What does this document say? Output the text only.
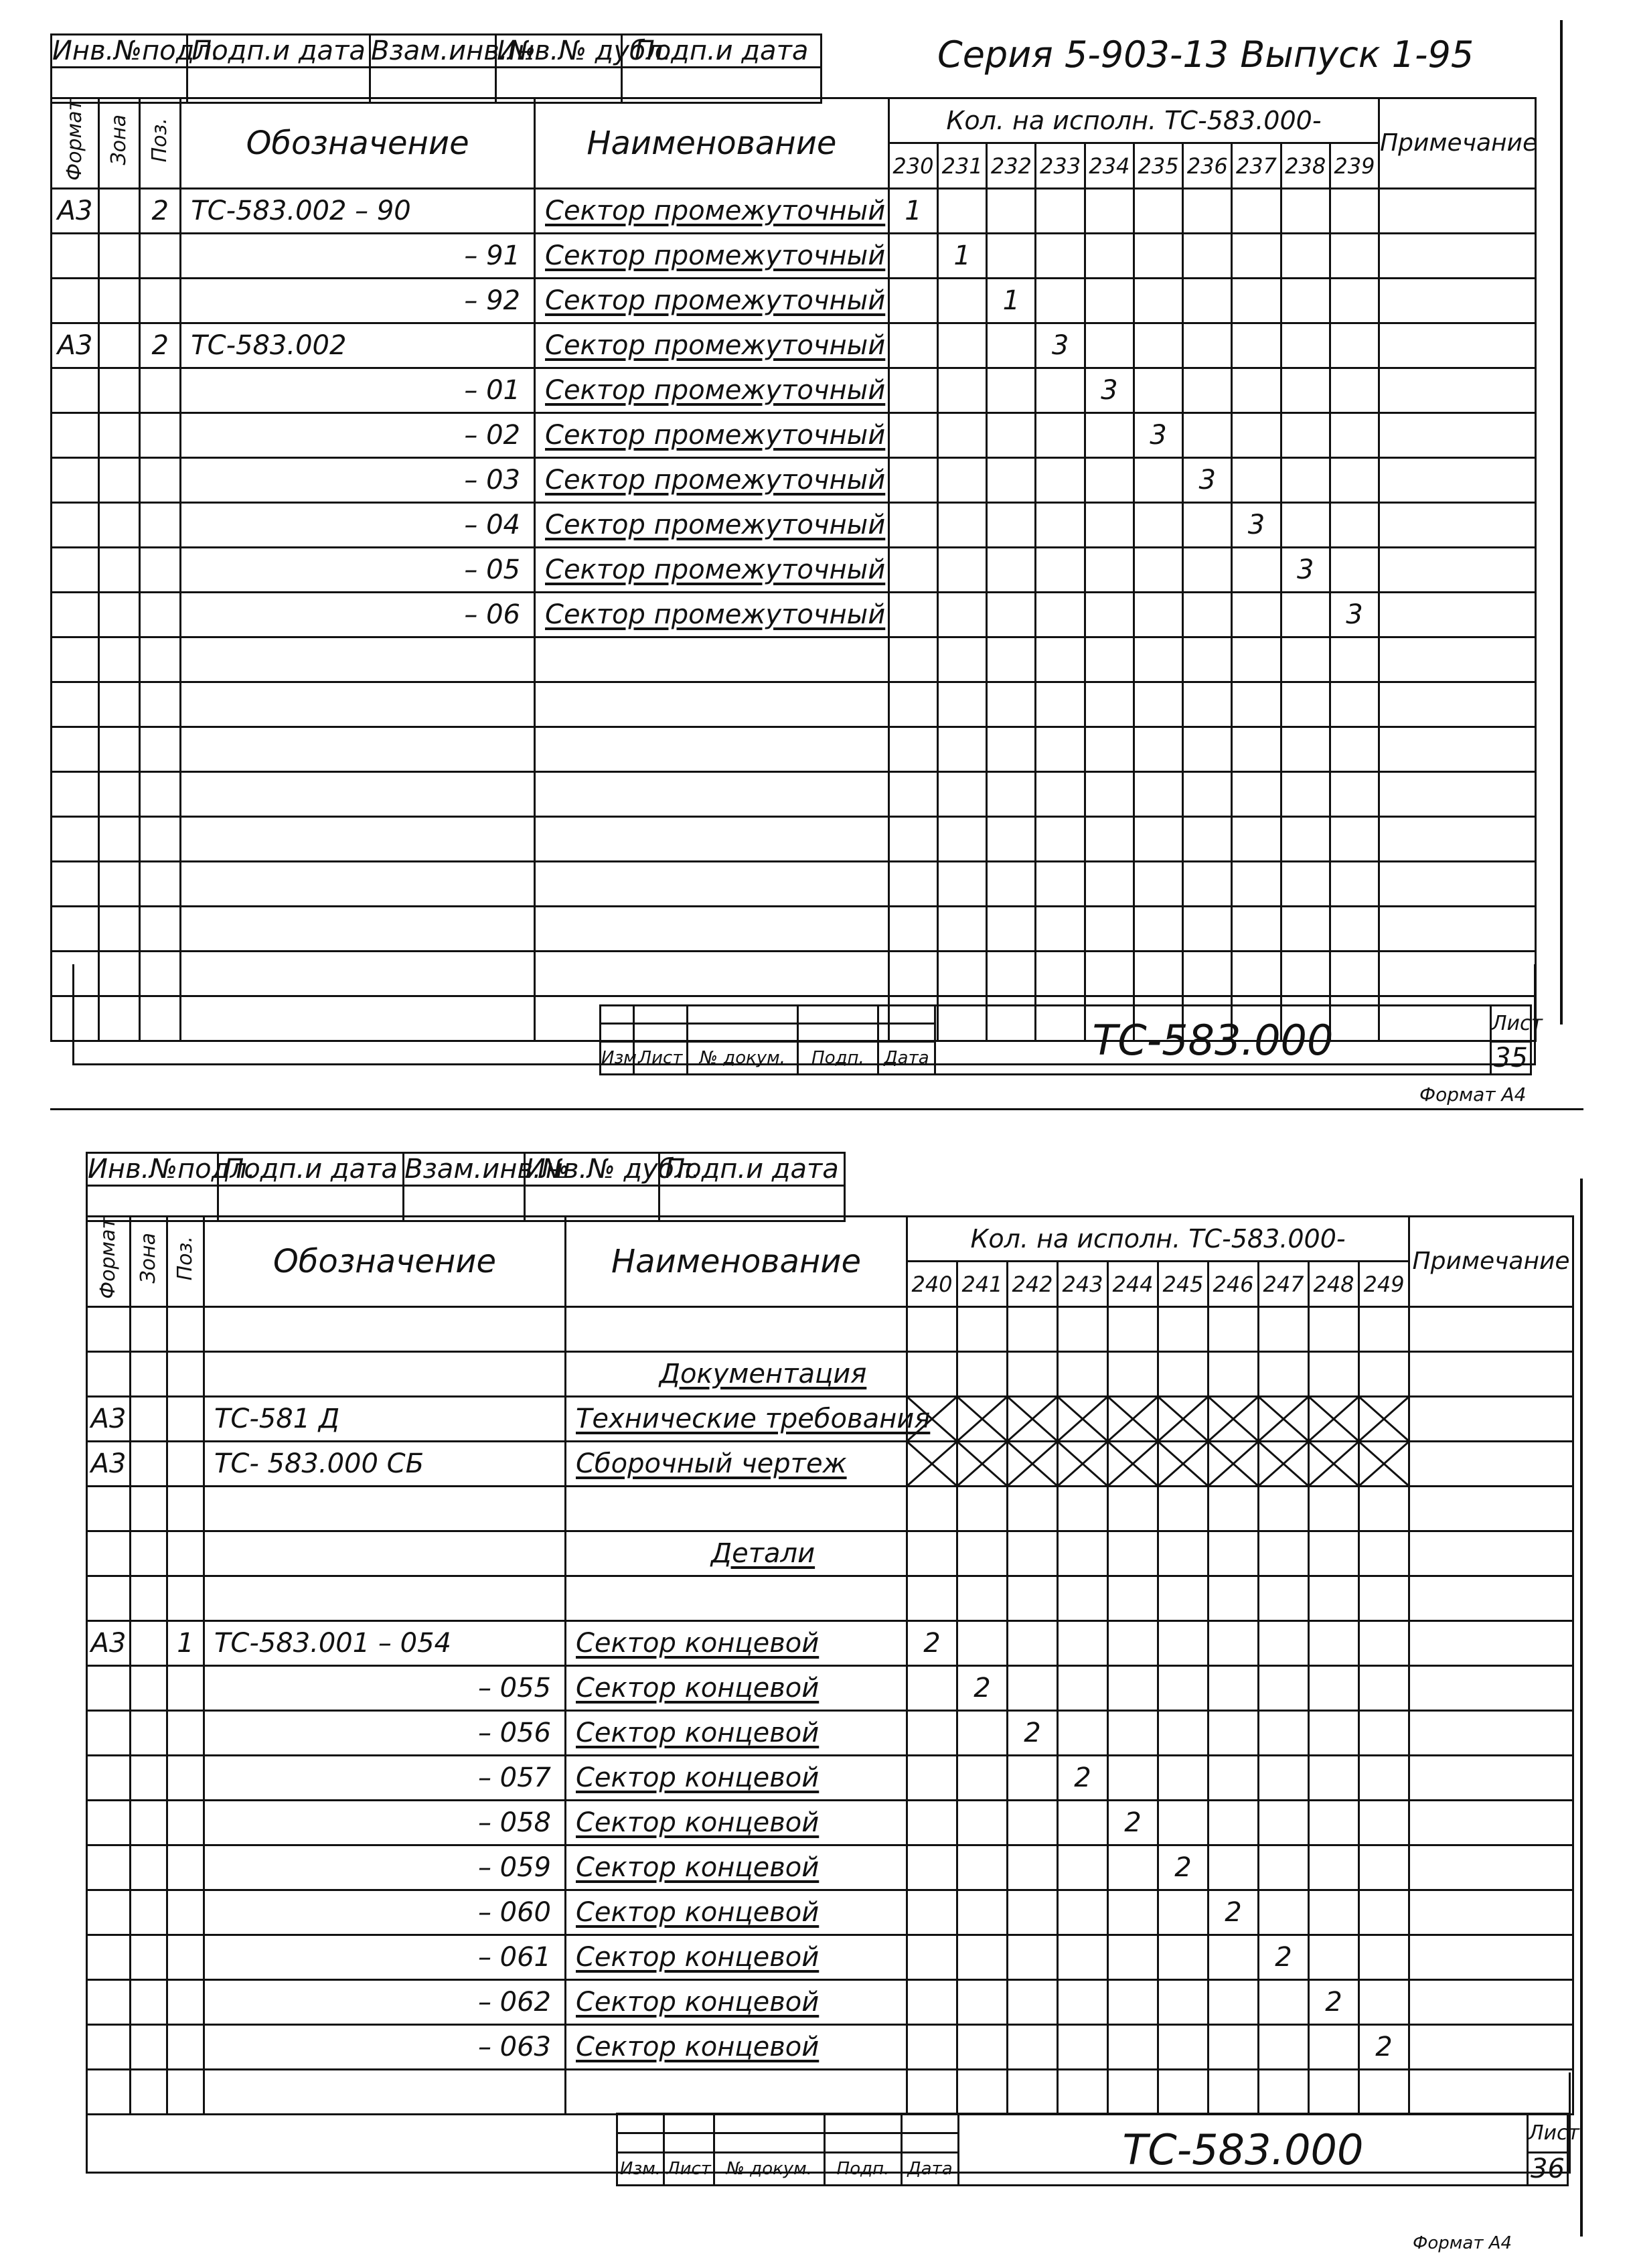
Инв.№подл.	Подп.и дата	Взам.инв.№	Инв.№ дубл.	Подп.и дата
					Серия 5-903-13 Выпуск 1-95
Формат	Зона	Поз.	Обозначение	Наименование	Кол. на исполн. ТС-583.000-										Примечание
					230	231	232	233	234	235	236	237	238	239	
А3		2	ТС-583.002 – 90	Сектор промежуточный	1										
			– 91	Сектор промежуточный		1									
			– 92	Сектор промежуточный			1								
А3		2	ТС-583.002	Сектор промежуточный				3							
			– 01	Сектор промежуточный					3						
			– 02	Сектор промежуточный						3					
			– 03	Сектор промежуточный							3				
			– 04	Сектор промежуточный								3			
			– 05	Сектор промежуточный									3		
			– 06	Сектор промежуточный										3	

					ТС-583.000	Лист

Изм.	Лист	№ докум.	Подп.	Дата		35
Формат А4
Инв.№подл.	Подп.и дата	Взам.инв.№	Инв.№ дубл.	Подп.и дата

Формат	Зона	Поз.	Обозначение	Наименование	Кол. на исполн. ТС-583.000-										Примечание
					240	241	242	243	244	245	246	247	248	249	

				Документация											
А3			ТС-581 Д	Технические требования	

А3			ТС- 583.000 СБ	Сборочный чертеж	

				Детали											

А3		1	ТС-583.001 – 054	Сектор концевой	2										
			– 055	Сектор концевой		2									
			– 056	Сектор концевой			2								
			– 057	Сектор концевой				2							
			– 058	Сектор концевой					2						
			– 059	Сектор концевой						2					
			– 060	Сектор концевой							2				
			– 061	Сектор концевой								2			
			– 062	Сектор концевой									2		
			– 063	Сектор концевой										2	

					ТС-583.000	Лист

Изм.	Лист	№ докум.	Подп.	Дата		36
Формат А4
